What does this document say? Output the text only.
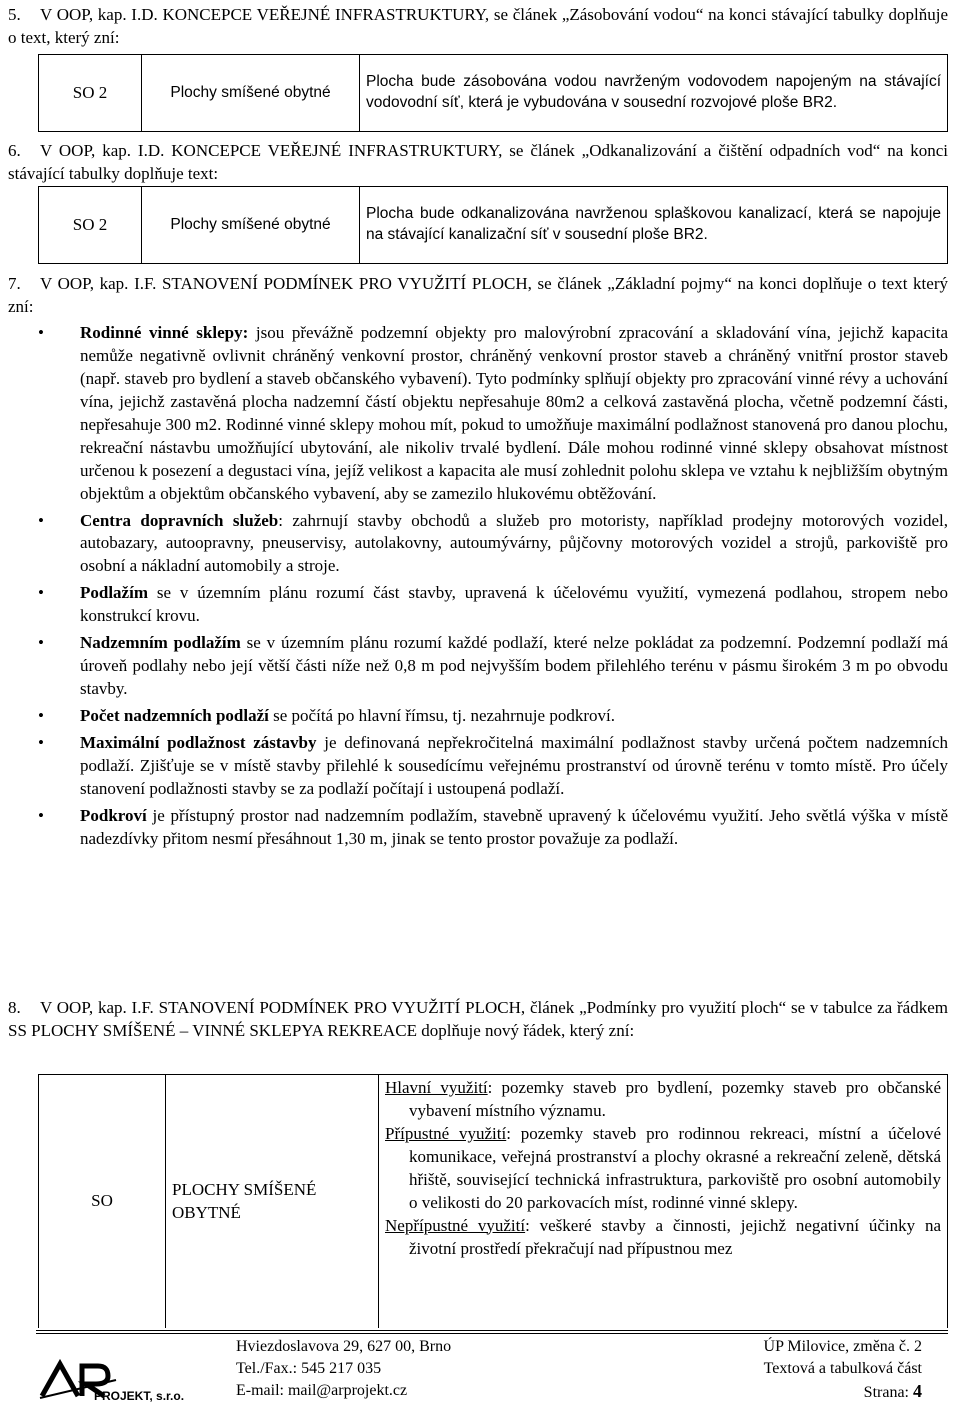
5. V OOP, kap. I.D. KONCEPCE VEŘEJNÉ INFRASTRUKTURY, se článek „Zásobování vodou“ na konci stávající tabulky doplňuje o text, který zní:
SO 2	Plochy smíšené obytné	Plocha bude zásobována vodou navrženým vodovodem napojeným na stávající vodovodní síť, která je vybudována v sousední rozvojové ploše BR2.
6. V OOP, kap. I.D. KONCEPCE VEŘEJNÉ INFRASTRUKTURY, se článek „Odkanalizování a čištění odpadních vod“ na konci stávající tabulky doplňuje text:
SO 2	Plochy smíšené obytné	Plocha bude odkanalizována navrženou splaškovou kanalizací, která se napojuje na stávající kanalizační síť v sousední ploše BR2.
7. V OOP, kap. I.F. STANOVENÍ PODMÍNEK PRO VYUŽITÍ PLOCH, se článek „Základní pojmy“ na konci doplňuje o text který zní:
• Rodinné vinné sklepy: jsou převážně podzemní objekty pro malovýrobní zpracování a skladování vína, jejichž kapacita nemůže negativně ovlivnit chráněný venkovní prostor, chráněný venkovní prostor staveb a chráněný vnitřní prostor staveb (např. staveb pro bydlení a staveb občanského vybavení). Tyto podmínky splňují objekty pro zpracování vinné révy a uchování vína, jejichž zastavěná plocha nadzemní částí objektu nepřesahuje 80m2 a celková zastavěná plocha, včetně podzemní části, nepřesahuje 300 m2. Rodinné vinné sklepy mohou mít, pokud to umožňuje maximální podlažnost stanovená pro danou plochu, rekreační nástavbu umožňující ubytování, ale nikoliv trvalé bydlení. Dále mohou rodinné vinné sklepy obsahovat místnost určenou k posezení a degustaci vína, jejíž velikost a kapacita ale musí zohlednit polohu sklepa ve vztahu k nejbližším obytným objektům a objektům občanského vybavení, aby se zamezilo hlukovému obtěžování.
• Centra dopravních služeb: zahrnují stavby obchodů a služeb pro motoristy, například prodejny motorových vozidel, autobazary, autoopravny, pneuservisy, autolakovny, autoumývárny, půjčovny motorových vozidel a strojů, parkoviště pro osobní a nákladní automobily a stroje.
• Podlažím se v územním plánu rozumí část stavby, upravená k účelovému využití, vymezená podlahou, stropem nebo konstrukcí krovu.
• Nadzemním podlažím se v územním plánu rozumí každé podlaží, které nelze pokládat za podzemní. Podzemní podlaží má úroveň podlahy nebo její větší části níže než 0,8 m pod nejvyšším bodem přilehlého terénu v pásmu širokém 3 m po obvodu stavby.
• Počet nadzemních podlaží se počítá po hlavní římsu, tj. nezahrnuje podkroví.
• Maximální podlažnost zástavby je definovaná nepřekročitelná maximální podlažnost stavby určená počtem nadzemních podlaží. Zjišťuje se v místě stavby přilehlé k sousedícímu veřejnému prostranství od úrovně terénu v tomto místě. Pro účely stanovení podlažnosti stavby se za podlaží počítají i ustoupená podlaží.
• Podkroví je přístupný prostor nad nadzemním podlažím, stavebně upravený k účelovému využití. Jeho světlá výška v místě nadezdívky přitom nesmí přesáhnout 1,30 m, jinak se tento prostor považuje za podlaží.
8. V OOP, kap. I.F. STANOVENÍ PODMÍNEK PRO VYUŽITÍ PLOCH, článek „Podmínky pro využití ploch“ se v tabulce za řádkem SS PLOCHY SMÍŠENÉ – VINNÉ SKLEPYA REKREACE doplňuje nový řádek, který zní:
SO	PLOCHY SMÍŠENÉ OBYTNÉ	
Hlavní využití: pozemky staveb pro bydlení, pozemky staveb pro občanské vybavení místního významu.
Přípustné využití: pozemky staveb pro rodinnou rekreaci, místní a účelové komunikace, veřejná prostranství a plochy okrasné a rekreační zeleně, dětská hřiště, související technická infrastruktura, parkoviště pro osobní automobily o velikosti do 20 parkovacích míst, rodinné vinné sklepy.
Nepřípustné využití: veškeré stavby a činnosti, jejichž negativní účinky na životní prostředí překračují nad přípustnou mez
PROJEKT, s.r.o.
Hviezdoslavova 29, 627 00, Brno
Tel./Fax.: 545 217 035
E-mail: mail@arprojekt.cz
ÚP Milovice, změna č. 2
Textová a tabulková část
Strana: 4
